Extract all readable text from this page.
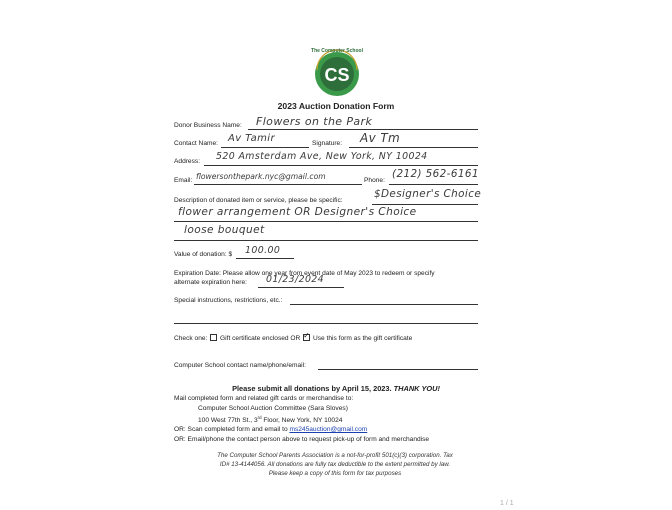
CS
The Computer School
2023 Auction Donation Form
Donor Business Name: Flowers on the Park
Contact Name: Av Tamir	Signature: Av Tm
Address: 520 Amsterdam Ave, New York, NY 10024
Email: flowersonthepark.nyc@gmail.com	Phone:
(212) 562-6161
Description of donated item or service, please be specific:
$Designer's Choice
flower arrangement OR Designer's Choice
loose bouquet
Value of donation: $ 100.00
Expiration Date: Please allow one year from event date of May 2023 to redeem or specify
alternate expiration here: 01/23/2024
Special instructions, restrictions, etc.:
Check one: Gift certificate enclosed OR ✓ Use this form as the gift certificate
Computer School contact name/phone/email:
Please submit all donations by April 15, 2023. THANK YOU!
Mail completed form and related gift cards or merchandise to:
Computer School Auction Committee (Sara Sloves)
100 West 77th St., 3rd Floor, New York, NY 10024
OR: Scan completed form and email to ms245auction@gmail.com
OR: Email/phone the contact person above to request pick-up of form and merchandise
The Computer School Parents Association is a not-for-profit 501(c)(3) corporation. Tax
ID# 13-4144056. All donations are fully tax deductible to the extent permitted by law.
Please keep a copy of this form for tax purposes
1 / 1
